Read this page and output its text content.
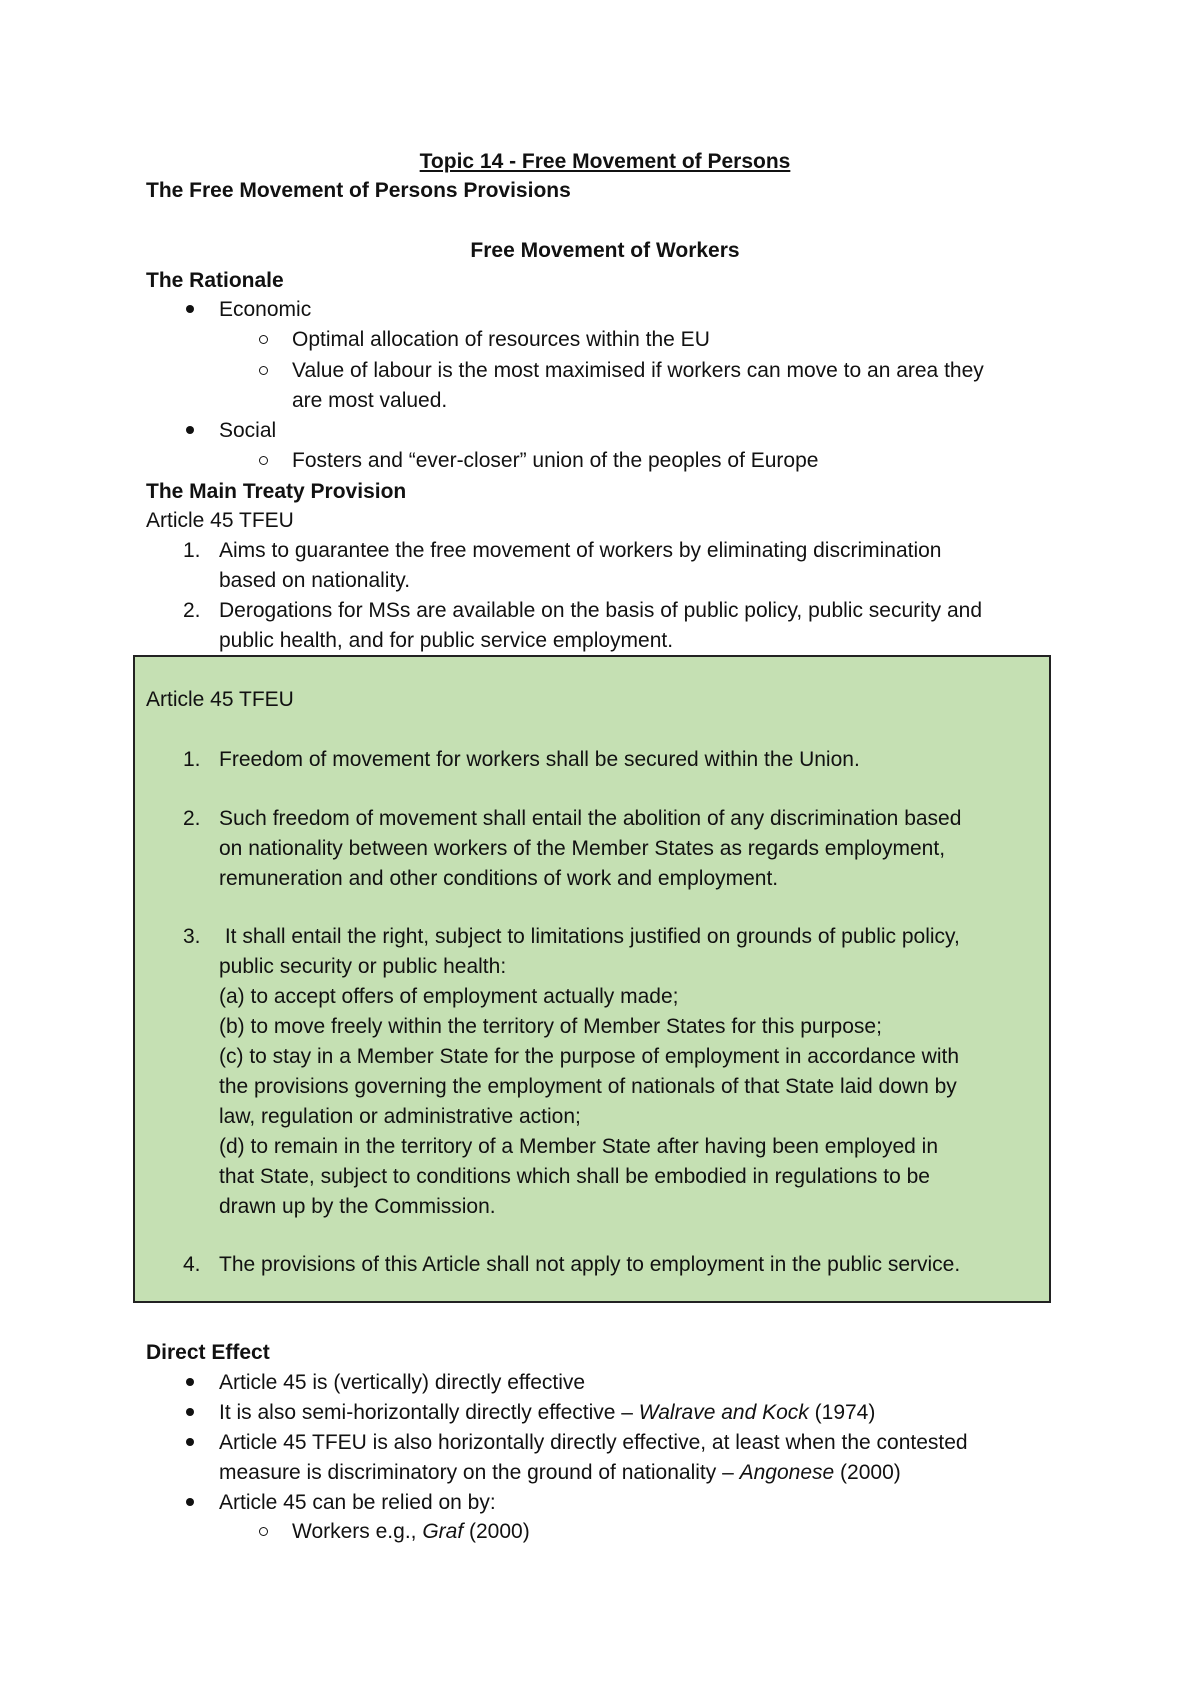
Topic 14 - Free Movement of Persons
The Free Movement of Persons Provisions
Free Movement of Workers
The Rationale
Economic
Optimal allocation of resources within the EU
Value of labour is the most maximised if workers can move to an area they
are most valued.
Social
Fosters and “ever-closer” union of the peoples of Europe
The Main Treaty Provision
Article 45 TFEU
1. Aims to guarantee the free movement of workers by eliminating discrimination
based on nationality.
2. Derogations for MSs are available on the basis of public policy, public security and
public health, and for public service employment.
Article 45 TFEU
1. Freedom of movement for workers shall be secured within the Union.
2. Such freedom of movement shall entail the abolition of any discrimination based
on nationality between workers of the Member States as regards employment,
remuneration and other conditions of work and employment.
3. It shall entail the right, subject to limitations justified on grounds of public policy,
public security or public health:
(a) to accept offers of employment actually made;
(b) to move freely within the territory of Member States for this purpose;
(c) to stay in a Member State for the purpose of employment in accordance with
the provisions governing the employment of nationals of that State laid down by
law, regulation or administrative action;
(d) to remain in the territory of a Member State after having been employed in
that State, subject to conditions which shall be embodied in regulations to be
drawn up by the Commission.
4. The provisions of this Article shall not apply to employment in the public service.
Direct Effect
Article 45 is (vertically) directly effective
It is also semi-horizontally directly effective – Walrave and Kock (1974)
Article 45 TFEU is also horizontally directly effective, at least when the contested
measure is discriminatory on the ground of nationality – Angonese (2000)
Article 45 can be relied on by:
Workers e.g., Graf (2000)
